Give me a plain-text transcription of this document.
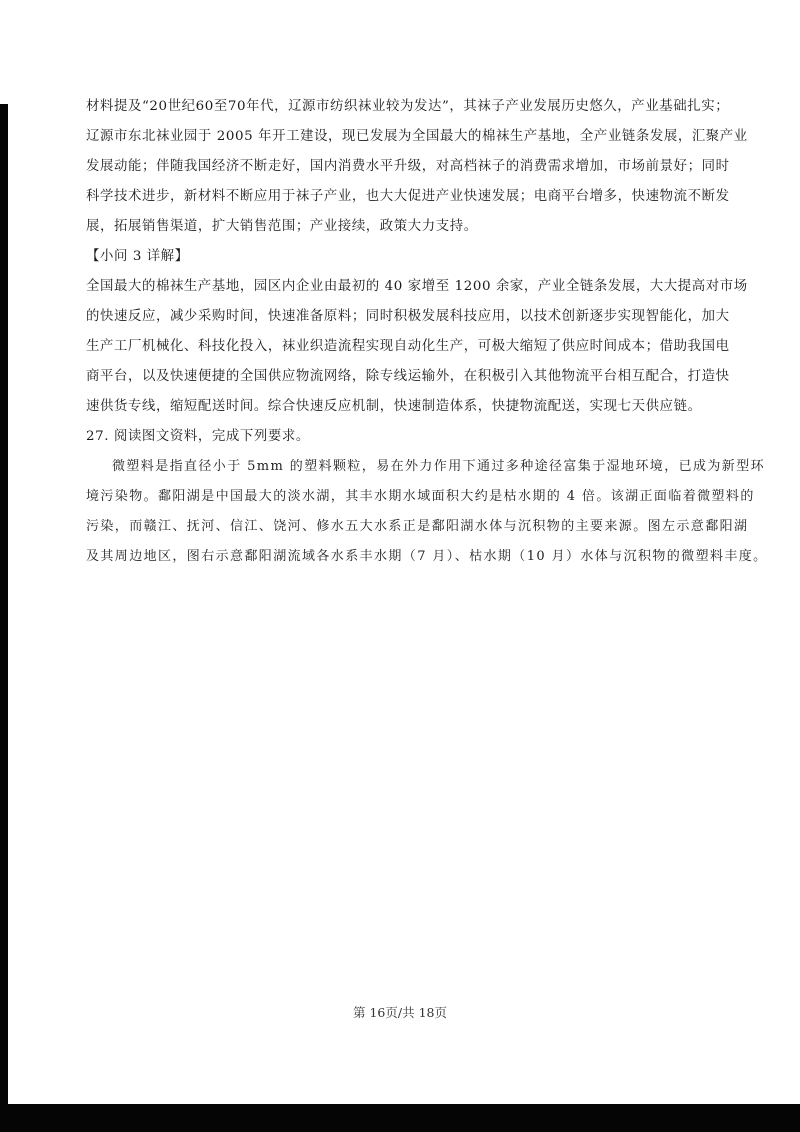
材料提及“20世纪60至70年代，辽源市纺织袜业较为发达”，其袜子产业发展历史悠久，产业基础扎实；
辽源市东北袜业园于 2005 年开工建设，现已发展为全国最大的棉袜生产基地，全产业链条发展，汇聚产业
发展动能；伴随我国经济不断走好，国内消费水平升级，对高档袜子的消费需求增加，市场前景好；同时
科学技术进步，新材料不断应用于袜子产业，也大大促进产业快速发展；电商平台增多，快速物流不断发
展，拓展销售渠道，扩大销售范围；产业接续，政策大力支持。
【小问 3 详解】
全国最大的棉袜生产基地，园区内企业由最初的 40 家增至 1200 余家，产业全链条发展，大大提高对市场
的快速反应，减少采购时间，快速准备原料；同时积极发展科技应用，以技术创新逐步实现智能化，加大
生产工厂机械化、科技化投入，袜业织造流程实现自动化生产，可极大缩短了供应时间成本；借助我国电
商平台，以及快速便捷的全国供应物流网络，除专线运输外，在积极引入其他物流平台相互配合，打造快
速供货专线，缩短配送时间。综合快速反应机制，快速制造体系，快捷物流配送，实现七天供应链。
27. 阅读图文资料，完成下列要求。
微塑料是指直径小于 5mm 的塑料颗粒，易在外力作用下通过多种途径富集于湿地环境，已成为新型环
境污染物。鄱阳湖是中国最大的淡水湖，其丰水期水域面积大约是枯水期的 4 倍。该湖正面临着微塑料的
污染，而赣江、抚河、信江、饶河、修水五大水系正是鄱阳湖水体与沉积物的主要来源。图左示意鄱阳湖
及其周边地区，图右示意鄱阳湖流域各水系丰水期（7 月）、枯水期（10 月）水体与沉积物的微塑料丰度。
第 16页/共 18页
